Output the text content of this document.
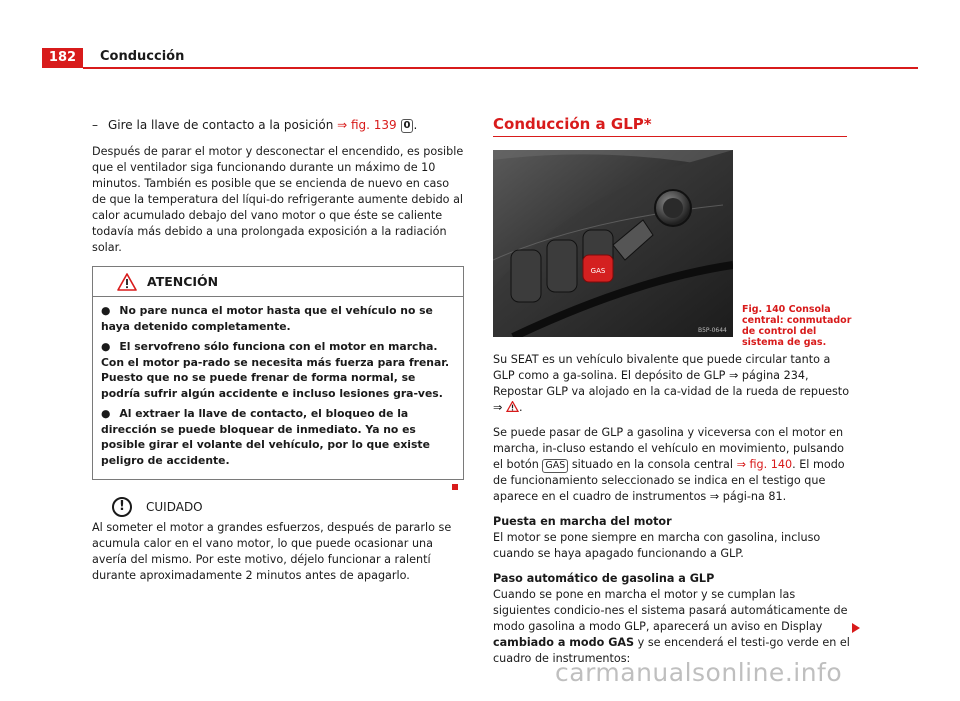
182	Conducción
– Gire la llave de contacto a la posición ⇒ fig. 139 0 .

Después de parar el motor y desconectar el encendido, es posible que el ventilador siga funcionando durante un máximo de 10 minutos. También es posible que se encienda de nuevo en caso de que la temperatura del líqui-do refrigerante aumente debido al calor acumulado debajo del vano motor o que éste se caliente todavía más debido a una prolongada exposición a la radiación solar.

ATENCIÓN
● No pare nunca el motor hasta que el vehículo no se haya detenido completamente.
● El servofreno sólo funciona con el motor en marcha. Con el motor pa-rado se necesita más fuerza para frenar. Puesto que no se puede frenar de forma normal, se podría sufrir algún accidente e incluso lesiones gra-ves.
● Al extraer la llave de contacto, el bloqueo de la dirección se puede bloquear de inmediato. Ya no es posible girar el volante del vehículo, por lo que existe peligro de accidente.
!	CUIDADO

Al someter el motor a grandes esfuerzos, después de pararlo se acumula calor en el vano motor, lo que puede ocasionar una avería del mismo. Por este motivo, déjelo funcionar a ralentí durante aproximadamente 2 minutos antes de apagarlo.

Conducción a GLP*
GAS
B5P-0644
Fig. 140 Consola central: conmutador de control del sistema de gas.

Su SEAT es un vehículo bivalente que puede circular tanto a GLP como a ga-solina. El depósito de GLP ⇒ página 234, Repostar GLP va alojado en la ca-vidad de la rueda de repuesto ⇒ .

Se puede pasar de GLP a gasolina y viceversa con el motor en marcha, in-cluso estando el vehículo en movimiento, pulsando el botón GAS situado en la consola central ⇒ fig. 140. El modo de funcionamiento seleccionado se indica en el testigo que aparece en el cuadro de instrumentos ⇒ pági-na 81.

Puesta en marcha del motor

El motor se pone siempre en marcha con gasolina, incluso cuando se haya apagado funcionando a GLP.

Paso automático de gasolina a GLP

Cuando se pone en marcha el motor y se cumplan las siguientes condicio-nes el sistema pasará automáticamente de modo gasolina a modo GLP, aparecerá un aviso en Display cambiado a modo GAS y se encenderá el testi-go verde en el cuadro de instrumentos:

carmanualsonline.info
